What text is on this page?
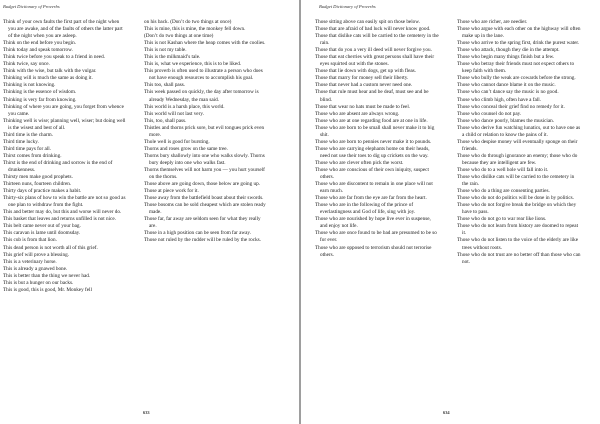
Budget Dictionary of Proverbs

Think of your own faults the first part of the night when you are awake, and of the faults of others the latter part of the night when you are asleep.

Think on the end before you begin.

Think today and speak tomorrow.

Think twice before you speak to a friend in need.

Think twice, say once.

Think with the wise, but talk with the vulgar.

Thinking will is much the same as doing it.

Thinking is not knowing.

Thinking is the essence of wisdom.

Thinking is very far from knowing.

Thinking of where you are going, you forget from whence you came.

Thinking well is wise; planning well, wiser; but doing well is the wisest and best of all.

Third time is the charm.

Third time lucky.

Third time pays for all.

Thirst comes from drinking.

Thirst is the end of drinking and sorrow is the end of drunkenness.

Thirsty men make good prophets.

Thirteen nuns, fourteen children.

Thirty days of practice makes a habit.

Thirty-six plans of how to win the battle are not so good as one plan to withdraw from the fight.

This and better may do, but this and worse will never do.

This basket that leaves and returns unfilled is not nice.

This belt came never out of your bag.

This caravan is lame until doomsday.

This cub is from that lion.

This dead person is not worth all of this grief.

This grief will prove a blessing.

This is a veterinary horse.

This is already a gnawed bone.

This is better than the thing we never had.

This is but a hunger on our backs.

This is good, this is good, Mr. Monkey fell

on his back. (Don’t do two things at once)

This is mine, this is mine, the monkey fell down.

(Don’t do two things at one time)

This is not Kashan where the heap comes with the coolies.

This is not my table.

This is the milkmaid’s tale.

This is, what we experience, this is to be liked.

This proverb is often used to illustrate a person who does not have enough resources to accomplish his goal.

This too, shall pass.

This week passed on quickly, the day after tomorrow is already Wednesday, the man said.

This world is a harsh place, this world.

This world will not last very.

This, too, shall pass.

Thistles and thorns prick sore, but evil tongues prick even more.

Thole well is good for bursting.

Thorns and roses grow on the same tree.

Thorns bury shallowly into one who walks slowly. Thorns bury deeply into one who walks fast.

Thorns themselves will not harm you — you hurt yourself on the thorns.

Those above are going down, those below are going up.

Those at piece work for it.

Those away from the battlefield boast about their swords.

Those bosoms can be sold cheapest which are stolen ready made.

Those far, far away are seldom seen for what they really are.

Those in a high position can be seen from far away.

Those not ruled by the rudder will be ruled by the rocks.

633
Budget Dictionary of Proverbs

Those sitting above can easily spit on those below.

Those that are afraid of bad luck will never know good.

Those that dislike cats will be carried to the cemetery in the rain.

Those that do you a very ill deed will never forgive you.

Those that eat cherries with great persons shall have their eyes squirted out with the stones.

Those that lie down with dogs, get up with fleas.

Those that marry for money sell their liberty.

Those that never had a custom never need one.

Those that rule must hear and be deaf, must see and be blind.

Those that wear no hats must be made to feel.

Those who are absent are always wrong.

Those who are at one regarding food are at one in life.

Those who are born to be small shall never make it to big shit.

Those who are born to pennies never make it to pounds.

Those who are carrying elephants home on their heads, need not use their toes to dig up crickets on the way.

Those who are clever often pick the worst.

Those who are conscious of their own iniquity, suspect others.

Those who are discontent to remain in one place will not earn much.

Those who are far from the eye are far from the heart.

Those who are in the following of the prince of everlastingness and God of life, sing with joy.

Those who are nourished by hope live ever in suspense, and enjoy not life.

Those who are once found to be bad are presumed to be so for ever.

Those who are opposed to terrorism should not terrorise others.

Those who are richer, are needier.

Those who argue with each other on the highway will often make up in the lane.

Those who arrive to the spring first, drink the purest water.

Those who attack, though they die in the attempt.

Those who begin many things finish but a few.

Those who betray their friends must not expect others to keep faith with them.

Those who bully the weak are cowards before the strong.

Those who cannot dance blame it on the music.

Those who can’t dance say the music is no good.

Those who climb high, often have a fall.

Those who conceal their grief find no remedy for it.

Those who counsel do not pay.

Those who dance poorly, blames the musician.

Those who derive fun watching lunatics, out to have one as a child or relation to know the pains of it.

Those who despise money will eventually sponge on their friends.

Those who do through ignorance an enemy; those who do because they are intelligent are few.

Those who do to a well hole will fall into it.

Those who dislike cats will be carried to the cemetery in the rain.

Those who do a thing are consenting parties.

Those who do not do politics will be done in by politics.

Those who do not forgive break the bridge on which they have to pass.

Those who do not go to war rear like lions.

Those who do not learn from history are doomed to repeat it.

Those who do not listen to the voice of the elderly are like trees without roots.

Those who do not trust are no better off than those who can not.

634
